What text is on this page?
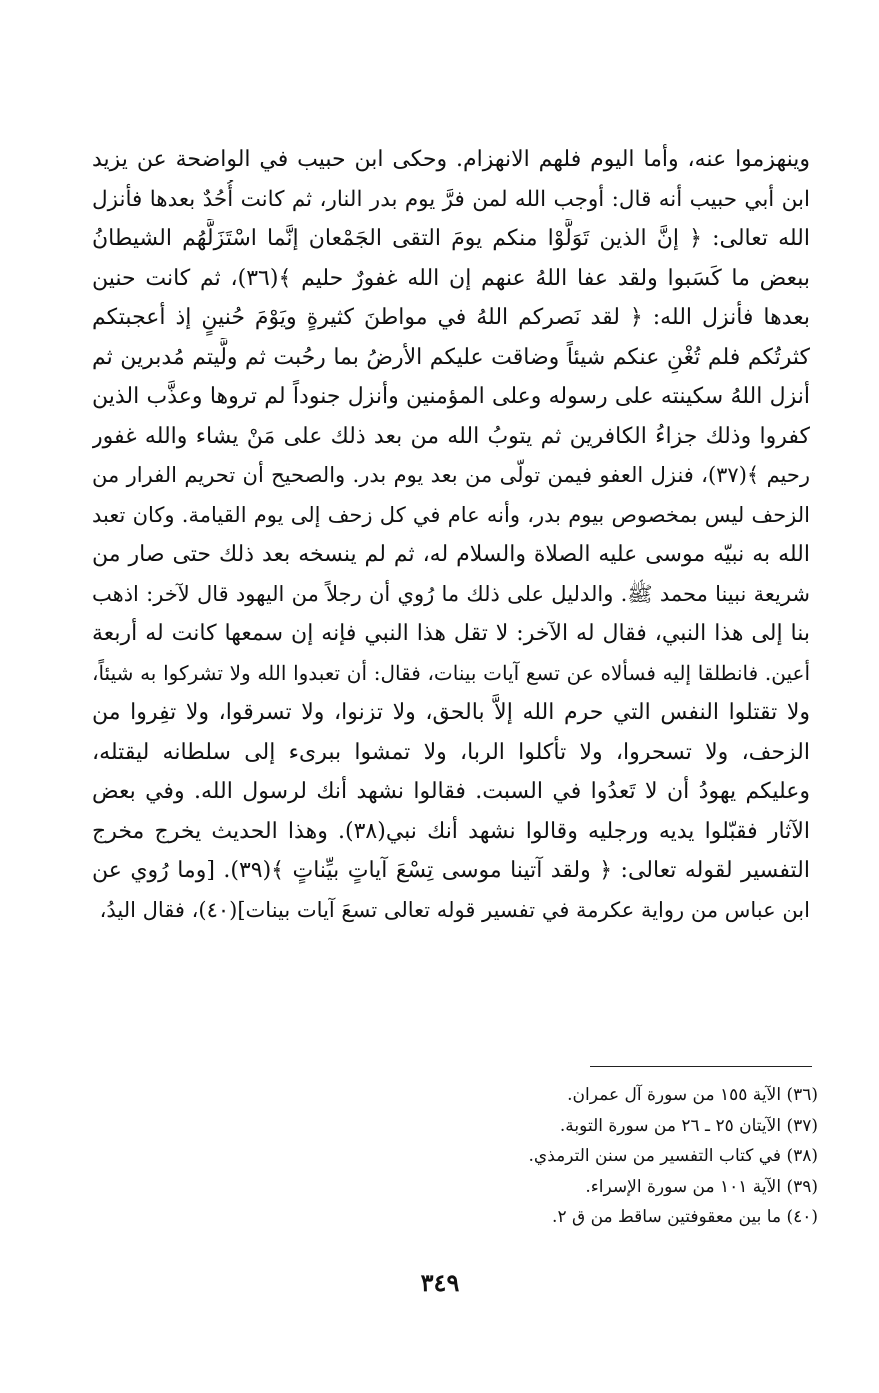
وينهزموا عنه، وأما اليوم فلهم الانهزام. وحكى ابن حبيب في الواضحة عن يزيد
ابن أبي حبيب أنه قال: أوجب الله لمن فرَّ يوم بدر النار، ثم كانت أُحُدٌ بعدها فأنزل
الله تعالى: ﴿ إنَّ الذين تَوَلَّوْا منكم يومَ التقى الجَمْعان إنَّما اسْتَزَلَّهُم الشيطانُ
ببعض ما كَسَبوا ولقد عفا اللهُ عنهم إن الله غفورٌ حليم ﴾(٣٦)، ثم كانت حنين
بعدها فأنزل الله: ﴿ لقد نَصركم اللهُ في مواطنَ كثيرةٍ ويَوْمَ حُنينٍ إذ أعجبتكم
كثرتُكم فلم تُغْنِ عنكم شيئاً وضاقت عليكم الأرضُ بما رحُبت ثم ولَّيتم مُدبرين ثم
أنزل اللهُ سكينته على رسوله وعلى المؤمنين وأنزل جنوداً لم تروها وعذَّب الذين
كفروا وذلك جزاءُ الكافرين ثم يتوبُ الله من بعد ذلك على مَنْ يشاء والله غفور
رحيم ﴾(٣٧)، فنزل العفو فيمن تولّى من بعد يوم بدر. والصحيح أن تحريم الفرار من
الزحف ليس بمخصوص بيوم بدر، وأنه عام في كل زحف إلى يوم القيامة. وكان تعبد
الله به نبيّه موسى عليه الصلاة والسلام له، ثم لم ينسخه بعد ذلك حتى صار من
شريعة نبينا محمد ﷺ. والدليل على ذلك ما رُوي أن رجلاً من اليهود قال لآخر: اذهب
بنا إلى هذا النبي، فقال له الآخر: لا تقل هذا النبي فإنه إن سمعها كانت له أربعة
أعين. فانطلقا إليه فسألاه عن تسع آيات بينات، فقال: أن تعبدوا الله ولا تشركوا به شيئاً،
ولا تقتلوا النفس التي حرم الله إلاَّ بالحق، ولا تزنوا، ولا تسرقوا، ولا تفِروا من
الزحف، ولا تسحروا، ولا تأكلوا الربا، ولا تمشوا ببرىء إلى سلطانه ليقتله،
وعليكم يهودُ أن لا تَعدُوا في السبت. فقالوا نشهد أنك لرسول الله. وفي بعض
الآثار فقبّلوا يديه ورجليه وقالوا نشهد أنك نبي(٣٨). وهذا الحديث يخرج مخرج
التفسير لقوله تعالى: ﴿ ولقد آتينا موسى تِسْعَ آياتٍ بيِّناتٍ ﴾(٣٩). [وما رُوي عن
ابن عباس من رواية عكرمة في تفسير قوله تعالى تسعَ آيات بينات](٤٠)، فقال اليدُ،
(٣٦) الآية ١٥٥ من سورة آل عمران.
(٣٧) الآيتان ٢٥ ـ ٢٦ من سورة التوبة.
(٣٨) في كتاب التفسير من سنن الترمذي.
(٣٩) الآية ١٠١ من سورة الإسراء.
(٤٠) ما بين معقوفتين ساقط من ق ٢.
٣٤٩
